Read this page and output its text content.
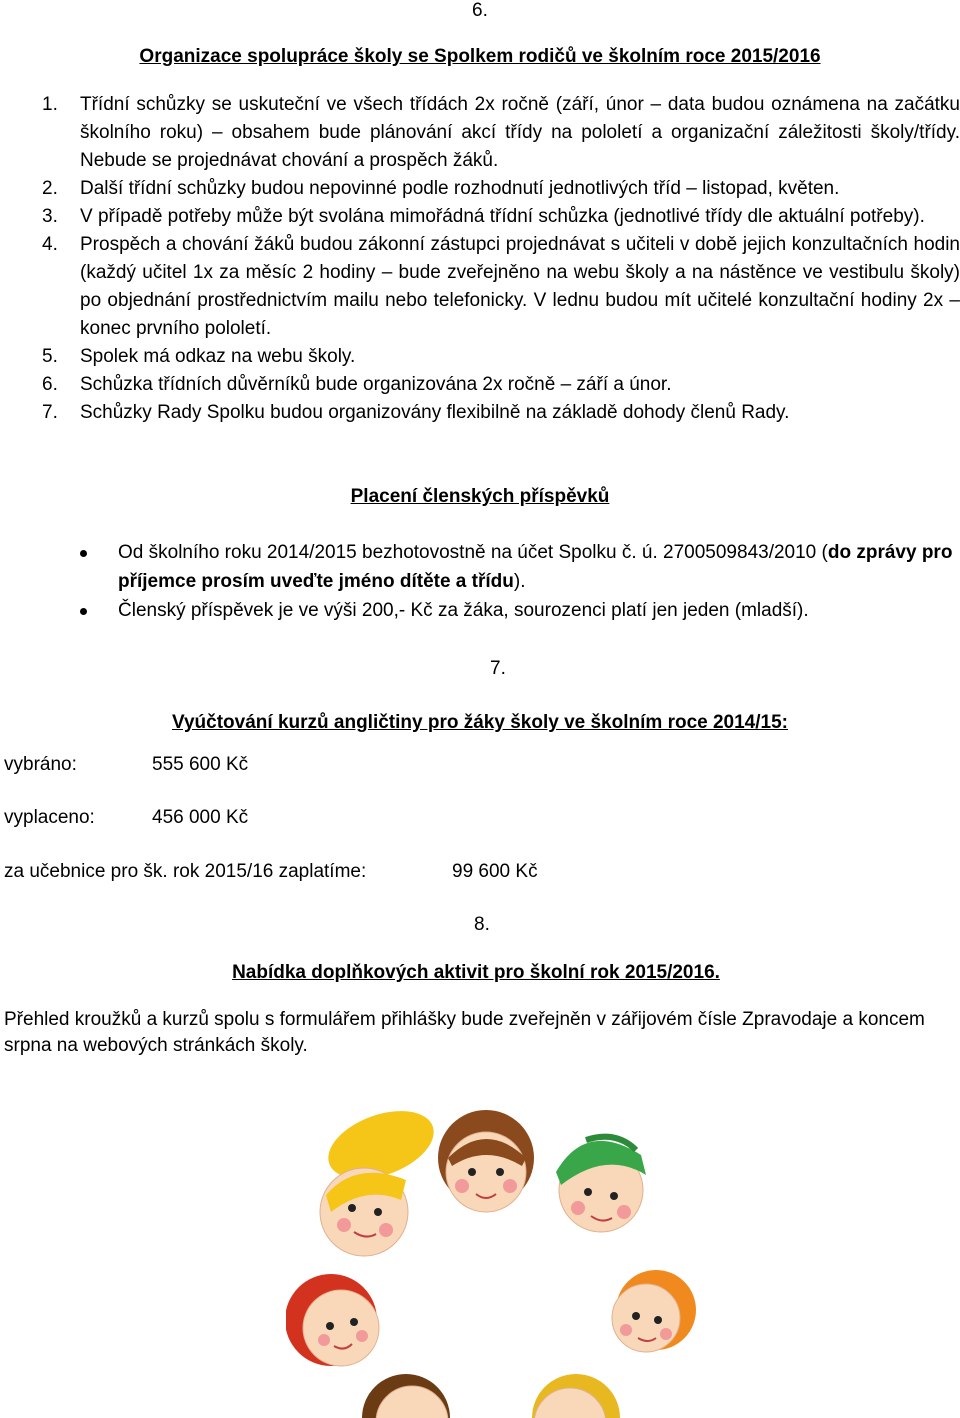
6.
Organizace spolupráce školy se Spolkem rodičů ve školním roce 2015/2016
1.	Třídní schůzky se uskuteční ve všech třídách 2x ročně (září, únor – data budou oznámena na začátku školního roku) – obsahem bude plánování akcí třídy na pololetí a organizační záležitosti školy/třídy. Nebude se projednávat chování a prospěch žáků.
2.	Další třídní schůzky budou nepovinné podle rozhodnutí jednotlivých tříd – listopad, květen.
3.	V případě potřeby může být svolána mimořádná třídní schůzka (jednotlivé třídy dle aktuální potřeby).
4.	Prospěch a chování žáků budou zákonní zástupci projednávat s učiteli v době jejich konzultačních hodin (každý učitel 1x za měsíc 2 hodiny – bude zveřejněno na webu školy a na nástěnce ve vestibulu školy) po objednání prostřednictvím mailu nebo telefonicky. V lednu budou mít učitelé konzultační hodiny 2x – konec prvního pololetí.
5.	Spolek má odkaz na webu školy.
6.	Schůzka třídních důvěrníků bude organizována 2x ročně – září a únor.
7.	Schůzky Rady Spolku budou organizovány flexibilně na základě dohody členů Rady.
Placení členských příspěvků
Od školního roku 2014/2015 bezhotovostně na účet Spolku č. ú. 2700509843/2010 (do zprávy pro příjemce prosím uveďte jméno dítěte a třídu).
Členský příspěvek je ve výši 200,- Kč za žáka, sourozenci platí jen jeden (mladší).
7.
Vyúčtování kurzů angličtiny pro žáky školy ve školním roce 2014/15:
vybráno:	555 600 Kč
vyplaceno:	456 000 Kč
za učebnice pro šk. rok 2015/16 zaplatíme:	99 600 Kč
8.
Nabídka doplňkových aktivit pro školní rok 2015/2016.
Přehled kroužků a kurzů spolu s formulářem přihlášky bude zveřejněn v zářijovém čísle Zpravodaje a koncem srpna na webových stránkách školy.
